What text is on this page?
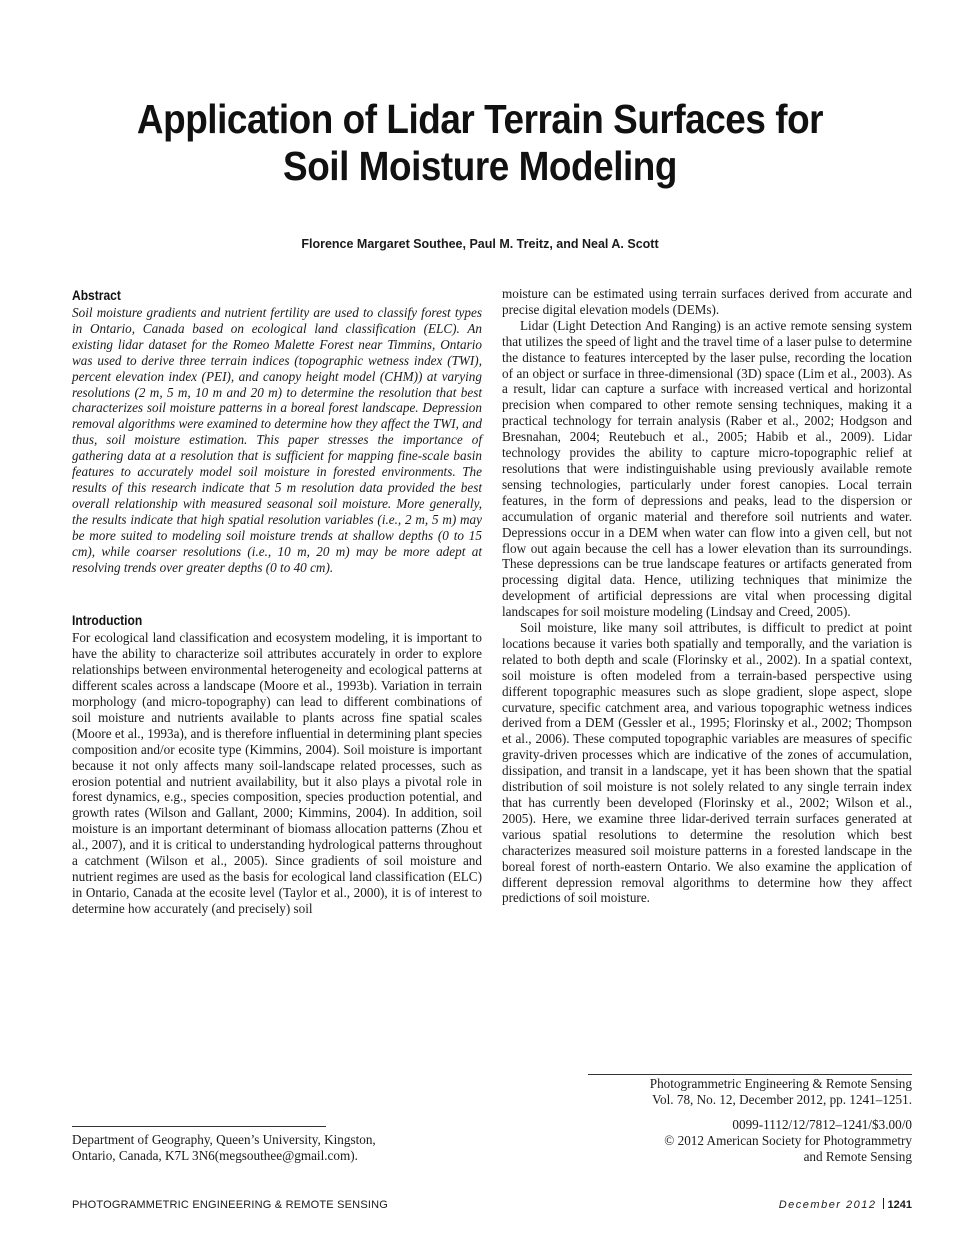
Application of Lidar Terrain Surfaces for Soil Moisture Modeling
Florence Margaret Southee, Paul M. Treitz, and Neal A. Scott
Abstract

Soil moisture gradients and nutrient fertility are used to classify forest types in Ontario, Canada based on ecological land classification (ELC). An existing lidar dataset for the Romeo Malette Forest near Timmins, Ontario was used to derive three terrain indices (topographic wetness index (TWI), percent elevation index (PEI), and canopy height model (CHM)) at varying resolutions (2 m, 5 m, 10 m and 20 m) to determine the resolution that best characterizes soil moisture patterns in a boreal forest landscape. Depression removal algorithms were examined to determine how they affect the TWI, and thus, soil moisture estimation. This paper stresses the importance of gathering data at a resolution that is sufficient for mapping fine-scale basin features to accurately model soil moisture in forested environments. The results of this research indicate that 5 m resolution data provided the best overall relationship with measured seasonal soil moisture. More generally, the results indicate that high spatial resolution variables (i.e., 2 m, 5 m) may be more suited to modeling soil moisture trends at shallow depths (0 to 15 cm), while coarser resolutions (i.e., 10 m, 20 m) may be more adept at resolving trends over greater depths (0 to 40 cm).

Introduction

For ecological land classification and ecosystem modeling, it is important to have the ability to characterize soil attributes accurately in order to explore relationships between environmental heterogeneity and ecological patterns at different scales across a landscape (Moore et al., 1993b). Variation in terrain morphology (and micro-topography) can lead to different combinations of soil moisture and nutrients available to plants across fine spatial scales (Moore et al., 1993a), and is therefore influential in determining plant species composition and/or ecosite type (Kimmins, 2004). Soil moisture is important because it not only affects many soil-landscape related processes, such as erosion potential and nutrient availability, but it also plays a pivotal role in forest dynamics, e.g., species composition, species production potential, and growth rates (Wilson and Gallant, 2000; Kimmins, 2004). In addition, soil moisture is an important determinant of biomass allocation patterns (Zhou et al., 2007), and it is critical to understanding hydrological patterns throughout a catchment (Wilson et al., 2005). Since gradients of soil moisture and nutrient regimes are used as the basis for ecological land classification (ELC) in Ontario, Canada at the ecosite level (Taylor et al., 2000), it is of interest to determine how accurately (and precisely) soil

moisture can be estimated using terrain surfaces derived from accurate and precise digital elevation models (DEMs).

Lidar (Light Detection And Ranging) is an active remote sensing system that utilizes the speed of light and the travel time of a laser pulse to determine the distance to features intercepted by the laser pulse, recording the location of an object or surface in three-dimensional (3D) space (Lim et al., 2003). As a result, lidar can capture a surface with increased vertical and horizontal precision when compared to other remote sensing techniques, making it a practical technology for terrain analysis (Raber et al., 2002; Hodgson and Bresnahan, 2004; Reutebuch et al., 2005; Habib et al., 2009). Lidar technology provides the ability to capture micro-topographic relief at resolutions that were indistinguishable using previously available remote sensing technologies, particularly under forest canopies. Local terrain features, in the form of depressions and peaks, lead to the dispersion or accumulation of organic material and therefore soil nutrients and water. Depressions occur in a DEM when water can flow into a given cell, but not flow out again because the cell has a lower elevation than its surroundings. These depressions can be true landscape features or artifacts generated from processing digital data. Hence, utilizing techniques that minimize the development of artificial depressions are vital when processing digital landscapes for soil moisture modeling (Lindsay and Creed, 2005).

Soil moisture, like many soil attributes, is difficult to predict at point locations because it varies both spatially and temporally, and the variation is related to both depth and scale (Florinsky et al., 2002). In a spatial context, soil moisture is often modeled from a terrain-based perspective using different topographic measures such as slope gradient, slope aspect, slope curvature, specific catchment area, and various topographic wetness indices derived from a DEM (Gessler et al., 1995; Florinsky et al., 2002; Thompson et al., 2006). These computed topographic variables are measures of specific gravity-driven processes which are indicative of the zones of accumulation, dissipation, and transit in a landscape, yet it has been shown that the spatial distribution of soil moisture is not solely related to any single terrain index that has currently been developed (Florinsky et al., 2002; Wilson et al., 2005). Here, we examine three lidar-derived terrain surfaces generated at various spatial resolutions to determine the resolution which best characterizes measured soil moisture patterns in a forested landscape in the boreal forest of north-eastern Ontario. We also examine the application of different depression removal algorithms to determine how they affect predictions of soil moisture.

Photogrammetric Engineering & Remote Sensing
Vol. 78, No. 12, December 2012, pp. 1241–1251.
0099-1112/12/7812–1241/$3.00/0
© 2012 American Society for Photogrammetry
and Remote Sensing
Department of Geography, Queen’s University, Kingston,
Ontario, Canada, K7L 3N6(megsouthee@gmail.com).
PHOTOGRAMMETRIC ENGINEERING & REMOTE SENSING	December 2012 1241
